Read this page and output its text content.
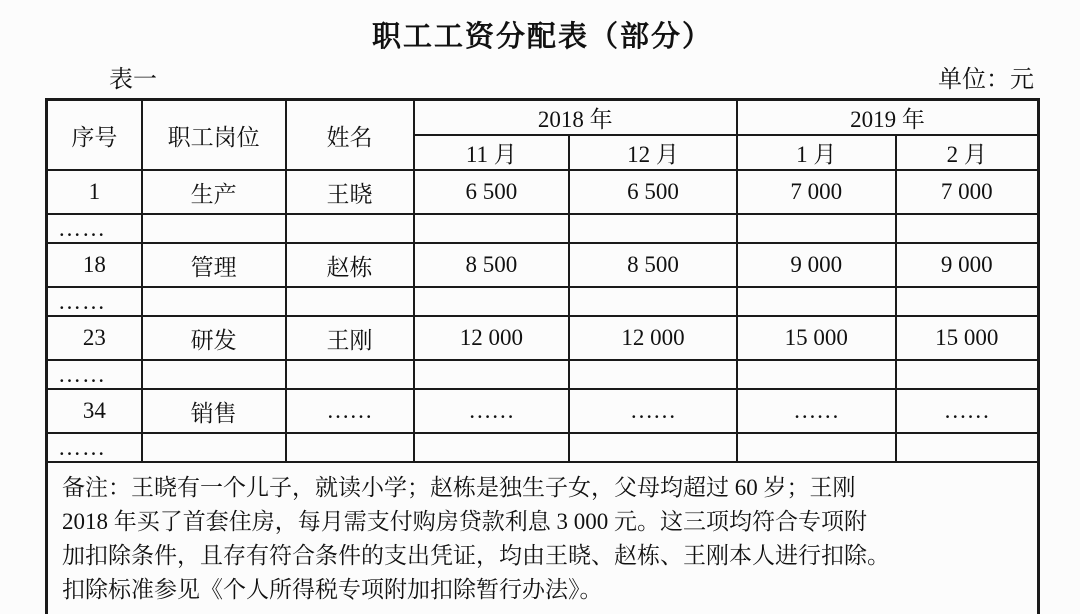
职工工资分配表（部分）
表一	单位：元
序号	职工岗位	姓名	2018 年		2019 年	
			11 月	12 月	1 月	2 月
1	生产	王晓	6 500	6 500	7 000	7 000
……						
18	管理	赵栋	8 500	8 500	9 000	9 000
……						
23	研发	王刚	12 000	12 000	15 000	15 000
……						
34	销售	……	……	……	……	……
……						

备注：王晓有一个儿子，就读小学；赵栋是独生子女，父母均超过 60 岁；王刚
2018 年买了首套住房，每月需支付购房贷款利息 3 000 元。这三项均符合专项附
加扣除条件，且存有符合条件的支出凭证，均由王晓、赵栋、王刚本人进行扣除。
扣除标准参见《个人所得税专项附加扣除暂行办法》。						
